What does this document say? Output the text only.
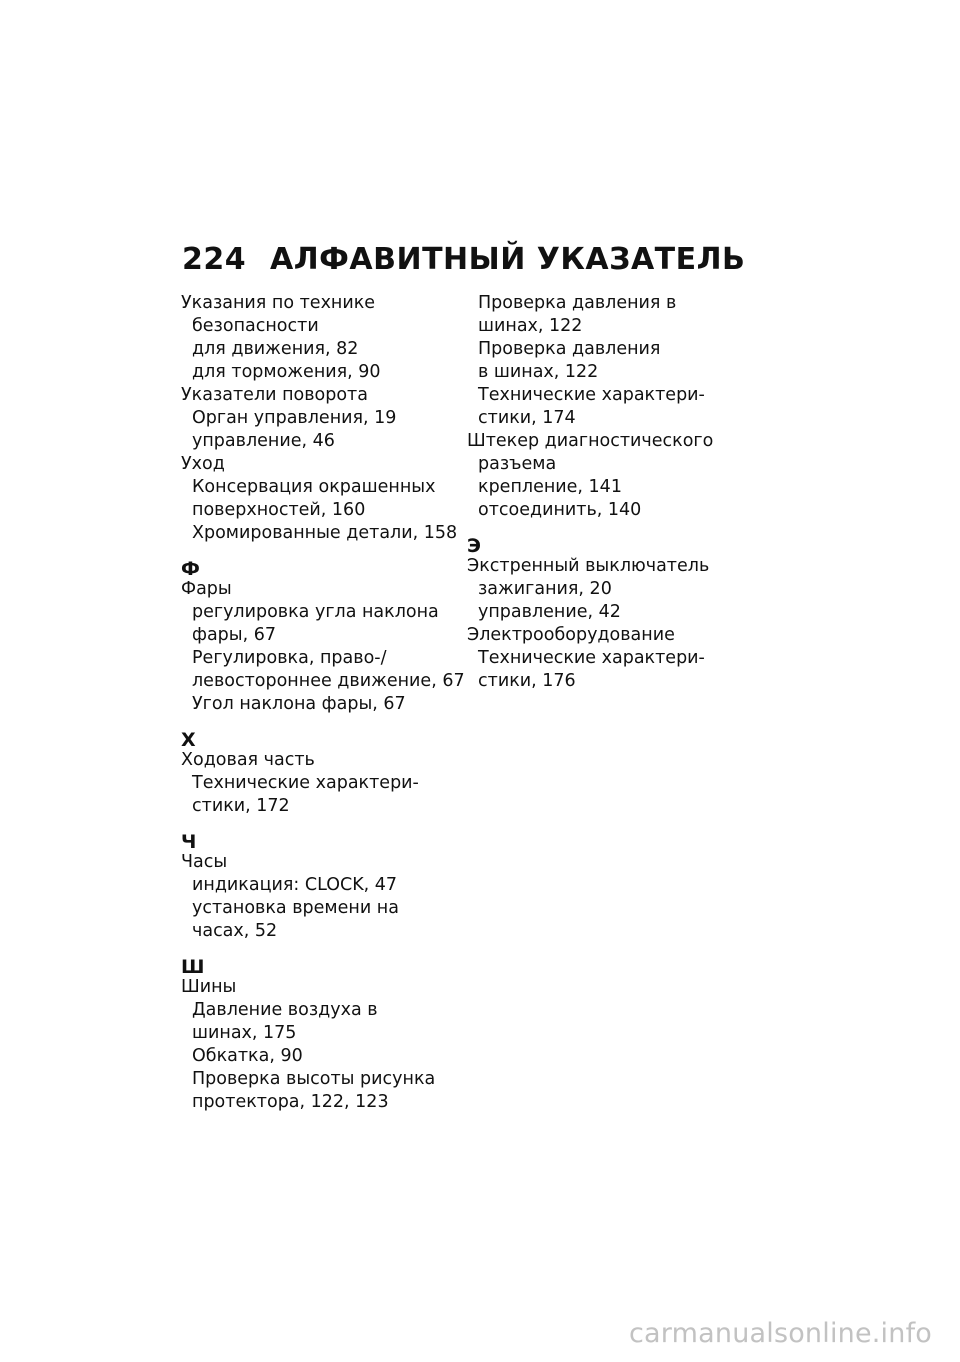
224 АЛФАВИТНЫЙ УКАЗАТЕЛЬ
Указания по технике
безопасности
для движения, 82
для торможения, 90
Указатели поворота
Орган управления, 19
управление, 46
Уход
Консервация окрашенных
поверхностей, 160
Хромированные детали, 158
Ф
Фары
регулировка угла наклона
фары, 67
Регулировка, право-/
левостороннее движение, 67
Угол наклона фары, 67
Х
Ходовая часть
Технические характери-
стики, 172
Ч
Часы
индикация: CLOCK, 47
установка времени на
часах, 52
Ш
Шины
Давление воздуха в
шинах, 175
Обкатка, 90
Проверка высоты рисунка
протектора, 122, 123
Проверка давления в
шинах, 122
Проверка давления
в шинах, 122
Технические характери-
стики, 174
Штекер диагностического
разъема
крепление, 141
отсоединить, 140
Э
Экстренный выключатель
зажигания, 20
управление, 42
Электрооборудование
Технические характери-
стики, 176
carmanualsonline.info
